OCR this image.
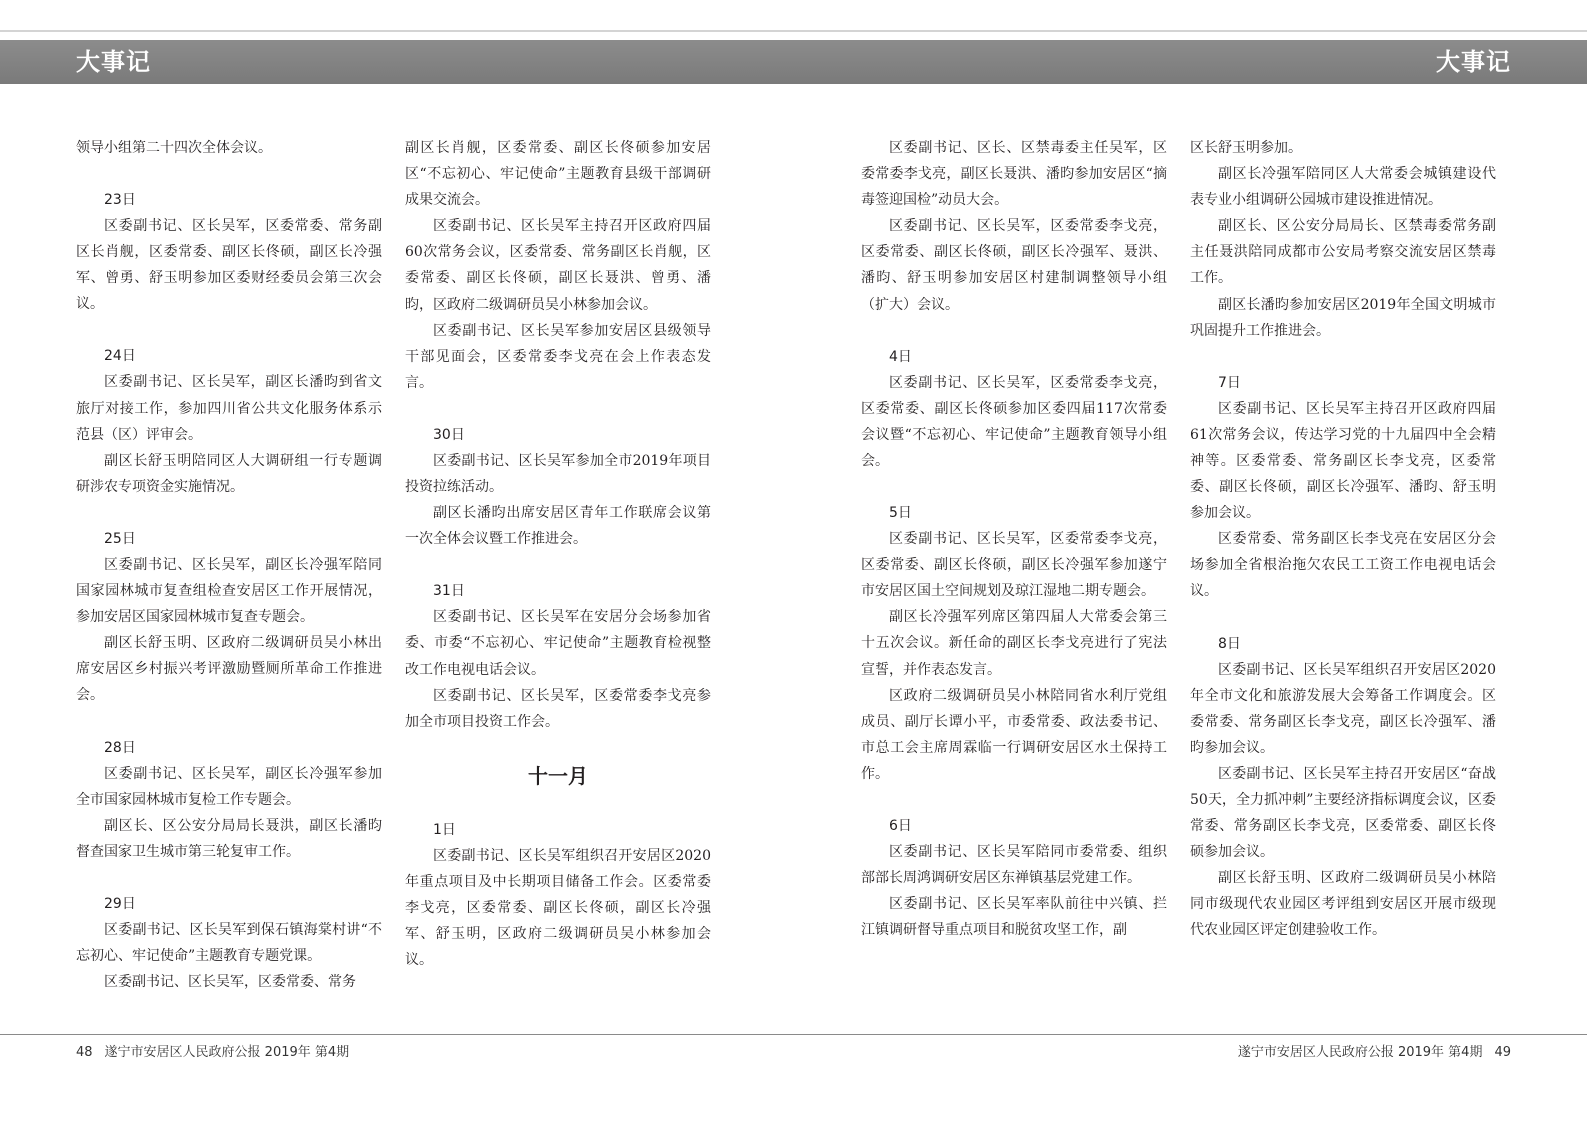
大事记	大事记

领导小组第二十四次全体会议。

23日

区委副书记、区长吴军，区委常委、常务副区长肖舰，区委常委、副区长佟硕，副区长冷强军、曾勇、舒玉明参加区委财经委员会第三次会议。

24日

区委副书记、区长吴军，副区长潘昀到省文旅厅对接工作，参加四川省公共文化服务体系示范县（区）评审会。

副区长舒玉明陪同区人大调研组一行专题调研涉农专项资金实施情况。

25日

区委副书记、区长吴军，副区长冷强军陪同国家园林城市复查组检查安居区工作开展情况，参加安居区国家园林城市复查专题会。

副区长舒玉明、区政府二级调研员吴小林出席安居区乡村振兴考评激励暨厕所革命工作推进会。

28日

区委副书记、区长吴军，副区长冷强军参加全市国家园林城市复检工作专题会。

副区长、区公安分局局长聂洪，副区长潘昀督查国家卫生城市第三轮复审工作。

29日

区委副书记、区长吴军到保石镇海棠村讲“不忘初心、牢记使命”主题教育专题党课。

区委副书记、区长吴军，区委常委、常务

副区长肖舰，区委常委、副区长佟硕参加安居区“不忘初心、牢记使命”主题教育县级干部调研成果交流会。

区委副书记、区长吴军主持召开区政府四届60次常务会议，区委常委、常务副区长肖舰，区委常委、副区长佟硕，副区长聂洪、曾勇、潘昀，区政府二级调研员吴小林参加会议。

区委副书记、区长吴军参加安居区县级领导干部见面会，区委常委李戈亮在会上作表态发言。

30日

区委副书记、区长吴军参加全市2019年项目投资拉练活动。

副区长潘昀出席安居区青年工作联席会议第一次全体会议暨工作推进会。

31日

区委副书记、区长吴军在安居分会场参加省委、市委“不忘初心、牢记使命”主题教育检视整改工作电视电话会议。

区委副书记、区长吴军，区委常委李戈亮参加全市项目投资工作会。

十一月
1日

区委副书记、区长吴军组织召开安居区2020年重点项目及中长期项目储备工作会。区委常委李戈亮，区委常委、副区长佟硕，副区长冷强军、舒玉明，区政府二级调研员吴小林参加会议。

区委副书记、区长、区禁毒委主任吴军，区委常委李戈亮，副区长聂洪、潘昀参加安居区“摘毒签迎国检”动员大会。

区委副书记、区长吴军，区委常委李戈亮，区委常委、副区长佟硕，副区长冷强军、聂洪、潘昀、舒玉明参加安居区村建制调整领导小组（扩大）会议。

4日

区委副书记、区长吴军，区委常委李戈亮，区委常委、副区长佟硕参加区委四届117次常委会议暨“不忘初心、牢记使命”主题教育领导小组会。

5日

区委副书记、区长吴军，区委常委李戈亮，区委常委、副区长佟硕，副区长冷强军参加遂宁市安居区国土空间规划及琼江湿地二期专题会。

副区长冷强军列席区第四届人大常委会第三十五次会议。新任命的副区长李戈亮进行了宪法宣誓，并作表态发言。

区政府二级调研员吴小林陪同省水利厅党组成员、副厅长谭小平，市委常委、政法委书记、市总工会主席周霖临一行调研安居区水土保持工作。

6日

区委副书记、区长吴军陪同市委常委、组织部部长周鸿调研安居区东禅镇基层党建工作。

区委副书记、区长吴军率队前往中兴镇、拦江镇调研督导重点项目和脱贫攻坚工作，副

区长舒玉明参加。

副区长冷强军陪同区人大常委会城镇建设代表专业小组调研公园城市建设推进情况。

副区长、区公安分局局长、区禁毒委常务副主任聂洪陪同成都市公安局考察交流安居区禁毒工作。

副区长潘昀参加安居区2019年全国文明城市巩固提升工作推进会。

7日

区委副书记、区长吴军主持召开区政府四届61次常务会议，传达学习党的十九届四中全会精神等。区委常委、常务副区长李戈亮，区委常委、副区长佟硕，副区长冷强军、潘昀、舒玉明参加会议。

区委常委、常务副区长李戈亮在安居区分会场参加全省根治拖欠农民工工资工作电视电话会议。

8日

区委副书记、区长吴军组织召开安居区2020年全市文化和旅游发展大会筹备工作调度会。区委常委、常务副区长李戈亮，副区长冷强军、潘昀参加会议。

区委副书记、区长吴军主持召开安居区“奋战50天，全力抓冲刺”主要经济指标调度会议，区委常委、常务副区长李戈亮，区委常委、副区长佟硕参加会议。

副区长舒玉明、区政府二级调研员吴小林陪同市级现代农业园区考评组到安居区开展市级现代农业园区评定创建验收工作。

48 遂宁市安居区人民政府公报 2019年 第4期	遂宁市安居区人民政府公报 2019年 第4期 49
